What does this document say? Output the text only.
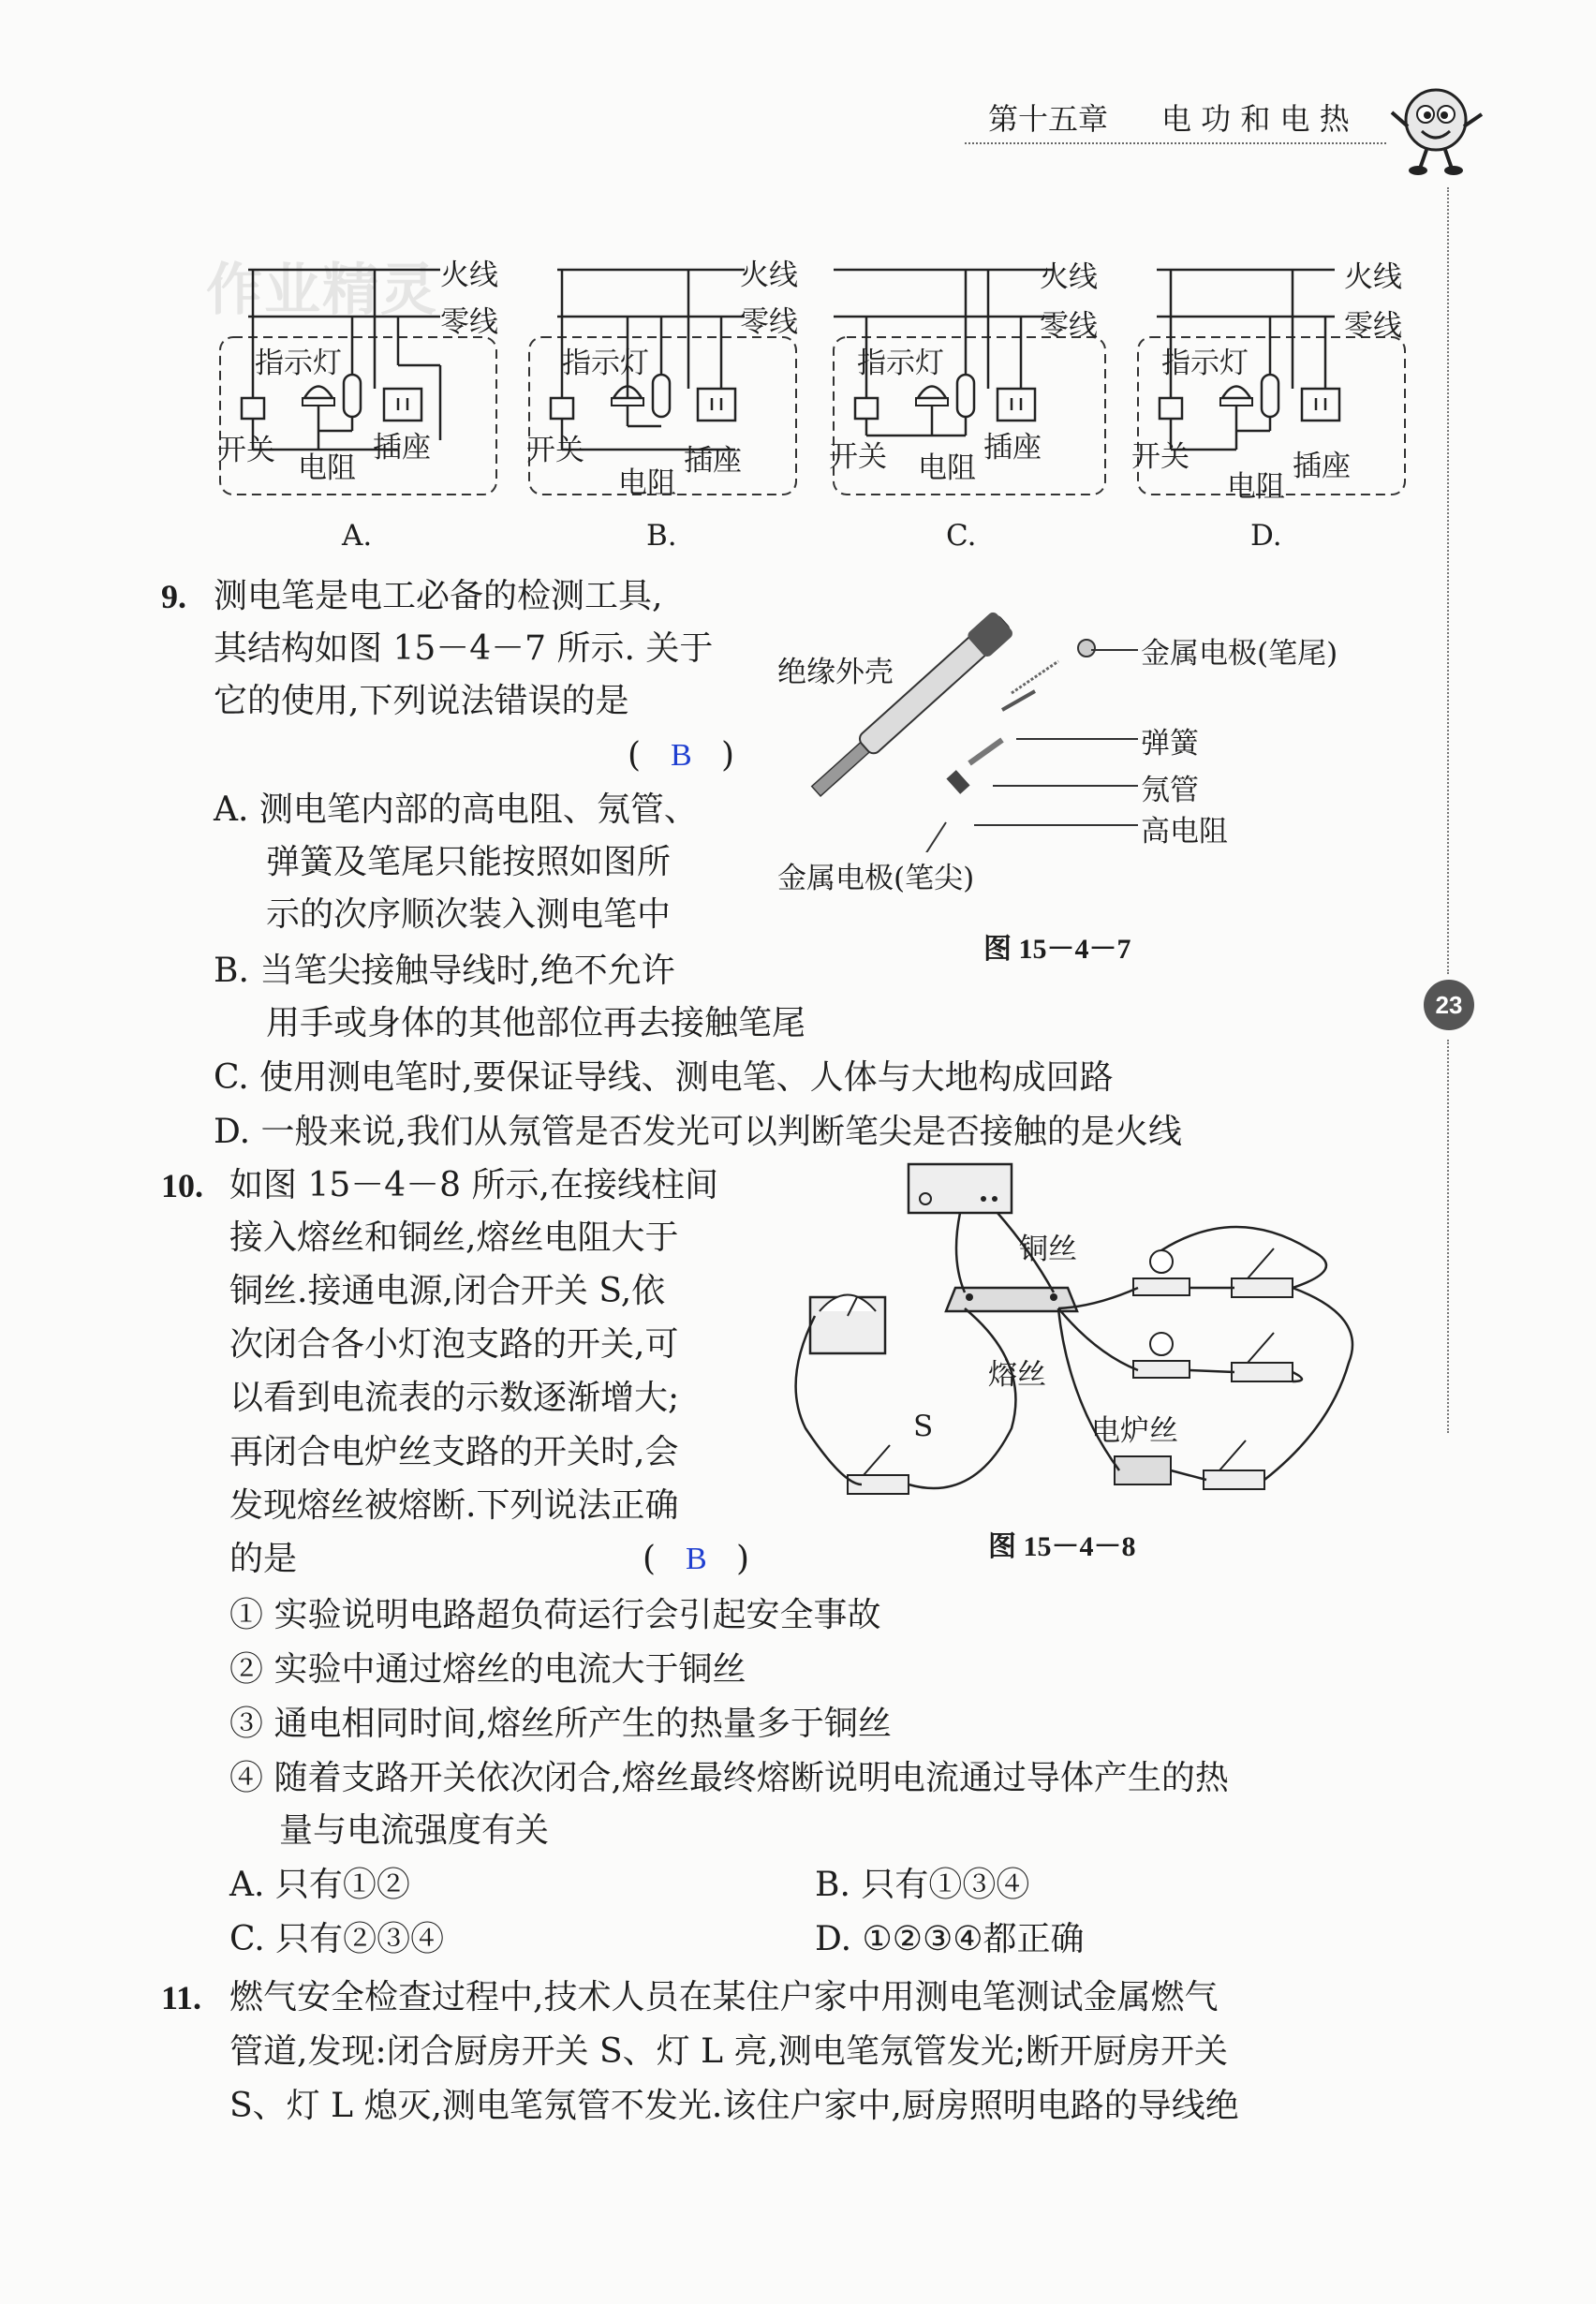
第十五章 电 功 和 电 热
23
作业精灵 火线
零线
指示灯
开关
电阻
插座
A.
火线
零线
指示灯
开关
电阻
插座
B.
火线
零线
指示灯
开关 电阻
插座
C.
火线
零线
指示灯
开关
电阻
插座
D.
9. 测电笔是电工必备的检测工具,
其结构如图 15－4－7 所示. 关于
它的使用,下列说法错误的是
( B )
A. 测电笔内部的高电阻、氖管、
弹簧及笔尾只能按照如图所
示的次序顺次装入测电笔中
B. 当笔尖接触导线时,绝不允许
用手或身体的其他部位再去接触笔尾
C. 使用测电笔时,要保证导线、测电笔、人体与大地构成回路
D. 一般来说,我们从氖管是否发光可以判断笔尖是否接触的是火线
绝缘外壳
金属电极(笔尾)
弹簧
氖管
高电阻
金属电极(笔尖)
图 15－4－7
10. 如图 15－4－8 所示,在接线柱间
接入熔丝和铜丝,熔丝电阻大于
铜丝.接通电源,闭合开关 S,依
次闭合各小灯泡支路的开关,可
以看到电流表的示数逐渐增大;
再闭合电炉丝支路的开关时,会
发现熔丝被熔断.下列说法正确
的是	( B )
铜丝
熔丝
S	电炉丝
图 15－4－8
① 实验说明电路超负荷运行会引起安全事故
② 实验中通过熔丝的电流大于铜丝
③ 通电相同时间,熔丝所产生的热量多于铜丝
④ 随着支路开关依次闭合,熔丝最终熔断说明电流通过导体产生的热
量与电流强度有关
A. 只有①②	B. 只有①③④
C. 只有②③④	D. ①②③④都正确
11. 燃气安全检查过程中,技术人员在某住户家中用测电笔测试金属燃气
管道,发现:闭合厨房开关 S、灯 L 亮,测电笔氖管发光;断开厨房开关
S、灯 L 熄灭,测电笔氖管不发光.该住户家中,厨房照明电路的导线绝
